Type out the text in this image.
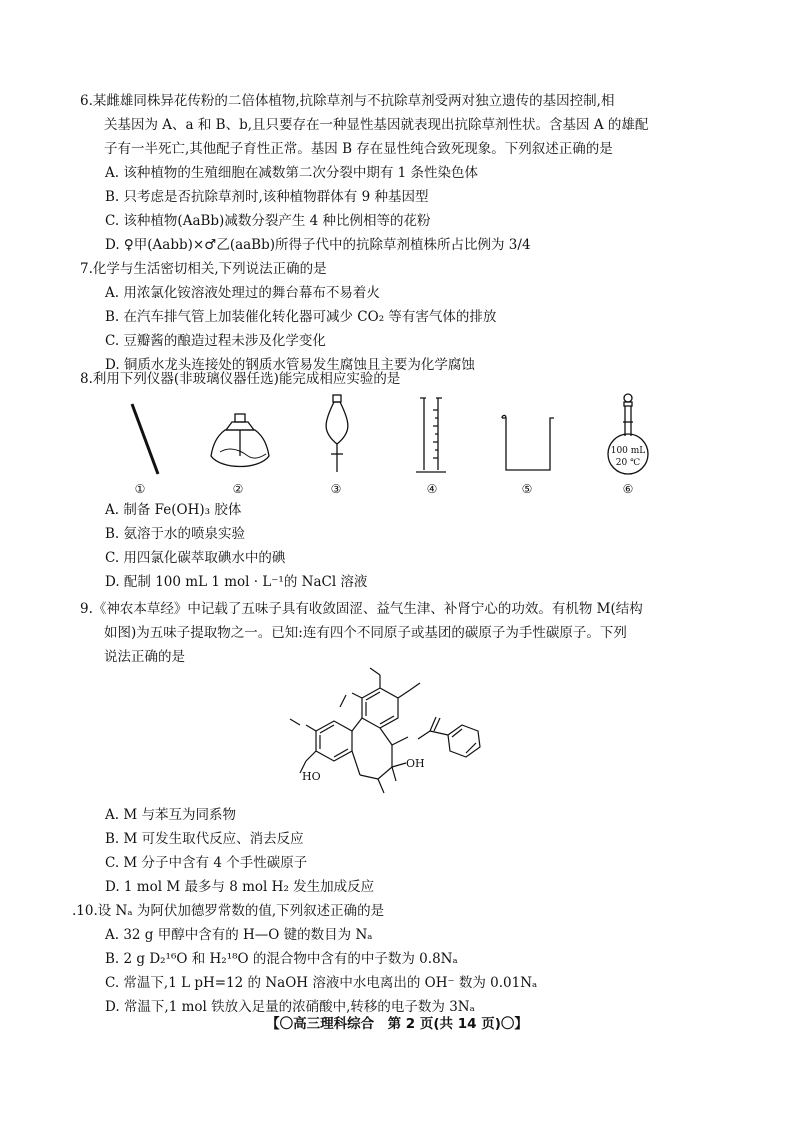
6.某雌雄同株异花传粉的二倍体植物,抗除草剂与不抗除草剂受两对独立遗传的基因控制,相
关基因为 A、a 和 B、b,且只要存在一种显性基因就表现出抗除草剂性状。含基因 A 的雄配
子有一半死亡,其他配子育性正常。基因 B 存在显性纯合致死现象。下列叙述正确的是
A. 该种植物的生殖细胞在减数第二次分裂中期有 1 条性染色体
B. 只考虑是否抗除草剂时,该种植物群体有 9 种基因型
C. 该种植物(AaBb)减数分裂产生 4 种比例相等的花粉
D. ♀甲(Aabb)×♂乙(aaBb)所得子代中的抗除草剂植株所占比例为 3/4
7.化学与生活密切相关,下列说法正确的是
A. 用浓氯化铵溶液处理过的舞台幕布不易着火
B. 在汽车排气管上加装催化转化器可减少 CO₂ 等有害气体的排放
C. 豆瓣酱的酿造过程未涉及化学变化
D. 铜质水龙头连接处的钢质水管易发生腐蚀且主要为化学腐蚀
8.利用下列仪器(非玻璃仪器任选)能完成相应实验的是
100 mL
20 ℃
①	②	③	④	⑤	⑥
A. 制备 Fe(OH)₃ 胶体
B. 氨溶于水的喷泉实验
C. 用四氯化碳萃取碘水中的碘
D. 配制 100 mL 1 mol · L⁻¹的 NaCl 溶液
9.《神农本草经》中记载了五味子具有收敛固涩、益气生津、补肾宁心的功效。有机物 M(结构
如图)为五味子提取物之一。已知:连有四个不同原子或基团的碳原子为手性碳原子。下列
说法正确的是
HO
OH
A. M 与苯互为同系物
B. M 可发生取代反应、消去反应
C. M 分子中含有 4 个手性碳原子
D. 1 mol M 最多与 8 mol H₂ 发生加成反应
.10.设 Nₐ 为阿伏加德罗常数的值,下列叙述正确的是
A. 32 g 甲醇中含有的 H—O 键的数目为 Nₐ
B. 2 g D₂¹⁶O 和 H₂¹⁸O 的混合物中含有的中子数为 0.8Nₐ
C. 常温下,1 L pH=12 的 NaOH 溶液中水电离出的 OH⁻ 数为 0.01Nₐ
D. 常温下,1 mol 铁放入足量的浓硝酸中,转移的电子数为 3Nₐ
【〇高三理科综合　第 2 页(共 14 页)〇】
